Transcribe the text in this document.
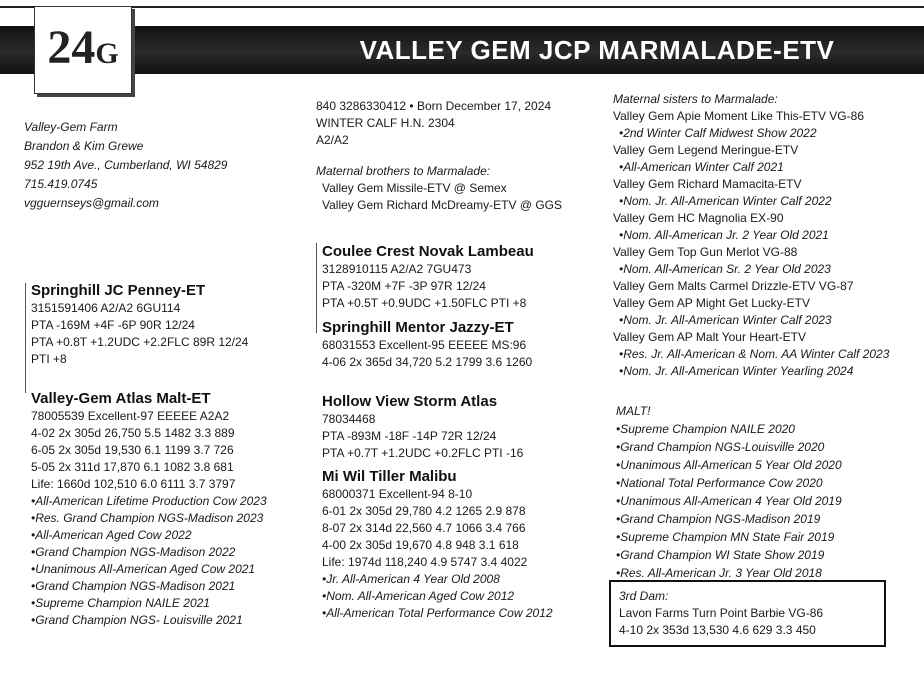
VALLEY GEM JCP MARMALADE-ETV
24G
Valley-Gem Farm
Brandon & Kim Grewe
952 19th Ave., Cumberland, WI 54829
715.419.0745
vgguernseys@gmail.com
Springhill JC Penney-ET
3151591406 A2/A2 6GU114
PTA -169M +4F -6P 90R 12/24
PTA +0.8T +1.2UDC +2.2FLC 89R 12/24
PTI +8
Valley-Gem Atlas Malt-ET
78005539 Excellent-97 EEEEE A2A2
4-02 2x 305d 26,750 5.5 1482 3.3 889
6-05 2x 305d 19,530 6.1 1199 3.7 726
5-05 2x 311d 17,870 6.1 1082 3.8 681
Life: 1660d 102,510 6.0 6111 3.7 3797
•All-American Lifetime Production Cow 2023
•Res. Grand Champion NGS-Madison 2023
•All-American Aged Cow 2022
•Grand Champion NGS-Madison 2022
•Unanimous All-American Aged Cow 2021
•Grand Champion NGS-Madison 2021
•Supreme Champion NAILE 2021
•Grand Champion NGS- Louisville 2021
840 3286330412 • Born December 17, 2024
WINTER CALF H.N. 2304
A2/A2
Maternal brothers to Marmalade:
Valley Gem Missile-ETV @ Semex
Valley Gem Richard McDreamy-ETV @ GGS
Coulee Crest Novak Lambeau
3128910115 A2/A2 7GU473
PTA -320M +7F -3P 97R 12/24
PTA +0.5T +0.9UDC +1.50FLC PTI +8
Springhill Mentor Jazzy-ET
68031553 Excellent-95 EEEEE MS:96
4-06 2x 365d 34,720 5.2 1799 3.6 1260
Hollow View Storm Atlas
78034468
PTA -893M -18F -14P 72R 12/24
PTA +0.7T +1.2UDC +0.2FLC PTI -16
Mi Wil Tiller Malibu
68000371 Excellent-94 8-10
6-01 2x 305d 29,780 4.2 1265 2.9 878
8-07 2x 314d 22,560 4.7 1066 3.4 766
4-00 2x 305d 19,670 4.8 948 3.1 618
Life: 1974d 118,240 4.9 5747 3.4 4022
•Jr. All-American 4 Year Old 2008
•Nom. All-American Aged Cow 2012
•All-American Total Performance Cow 2012
Maternal sisters to Marmalade:
Valley Gem Apie Moment Like This-ETV VG-86
•2nd Winter Calf Midwest Show 2022
Valley Gem Legend Meringue-ETV
•All-American Winter Calf 2021
Valley Gem Richard Mamacita-ETV
•Nom. Jr. All-American Winter Calf 2022
Valley Gem HC Magnolia EX-90
•Nom. All-American Jr. 2 Year Old 2021
Valley Gem Top Gun Merlot VG-88
•Nom. All-American Sr. 2 Year Old 2023
Valley Gem Malts Carmel Drizzle-ETV VG-87
Valley Gem AP Might Get Lucky-ETV
•Nom. Jr. All-American Winter Calf 2023
Valley Gem AP Malt Your Heart-ETV
•Res. Jr. All-American & Nom. AA Winter Calf 2023
•Nom. Jr. All-American Winter Yearling 2024
MALT!
•Supreme Champion NAILE 2020
•Grand Champion NGS-Louisville 2020
•Unanimous All-American 5 Year Old 2020
•National Total Performance Cow 2020
•Unanimous All-American 4 Year Old 2019
•Grand Champion NGS-Madison 2019
•Supreme Champion MN State Fair 2019
•Grand Champion WI State Show 2019
•Res. All-American Jr. 3 Year Old 2018
3rd Dam:
Lavon Farms Turn Point Barbie VG-86
4-10 2x 353d 13,530 4.6 629 3.3 450
